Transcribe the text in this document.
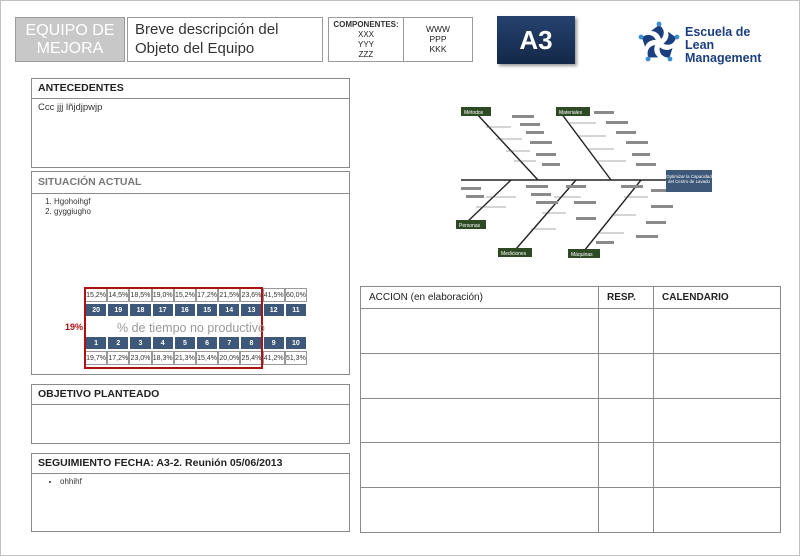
EQUIPO DE
MEJORA
Breve descripción del
Objeto del Equipo
COMPONENTES:
XXX
YYY
ZZZ
WWW
PPP
KKK	A3	Escuela de
Lean Management
ANTECEDENTES
Ccc jjj lñjdjpwjp
SITUACIÓN ACTUAL
1. Hgohoihgf
2. gyggiugho
15,2% 14,5% 18,5% 19,0% 15,2% 17,2% 21,5% 23,6% 41,5% 60,0%
20	19	18	17	16	15	14	13	12	11
1	2	3	4	5	6	7	8	9	10
19,7% 17,2% 23,0% 18,3% 21,3% 15,4% 20,0% 25,4% 41,2% 51,3%
19%	% de tiempo no productivo
OBJETIVO PLANTEADO
SEGUIMIENTO FECHA: A3-2. Reunión 05/06/2013
• ohhihf
Métodos	Materiales
Personas
Mediciones	Máquinas
Optimizar la Capacidad del Centro de Lavado
ACCION (en elaboración)	RESP.	CALENDARIO
